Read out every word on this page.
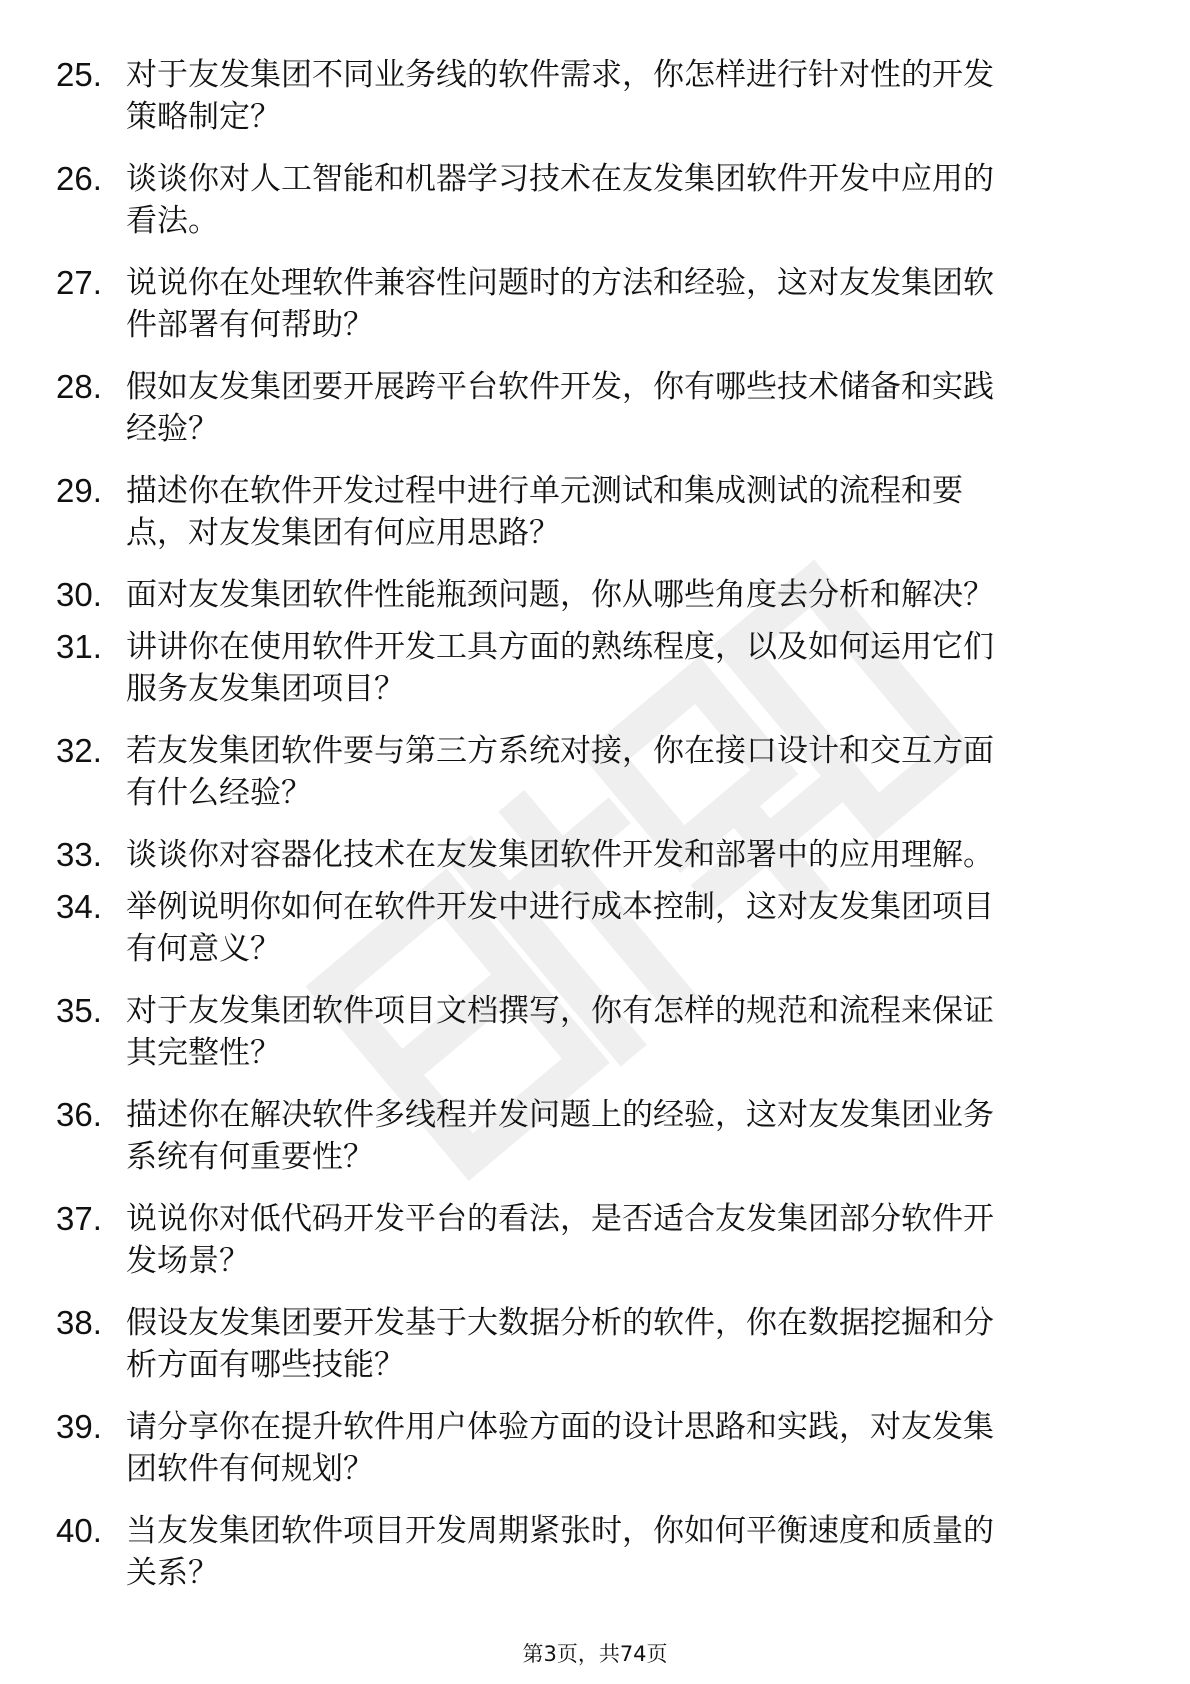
25. 对于友发集团不同业务线的软件需求，你怎样进行针对性的开发
策略制定？
26. 谈谈你对人工智能和机器学习技术在友发集团软件开发中应用的
看法。
27. 说说你在处理软件兼容性问题时的方法和经验，这对友发集团软
件部署有何帮助？
28. 假如友发集团要开展跨平台软件开发，你有哪些技术储备和实践
经验？
29. 描述你在软件开发过程中进行单元测试和集成测试的流程和要
点，对友发集团有何应用思路？
30. 面对友发集团软件性能瓶颈问题，你从哪些角度去分析和解决？
31. 讲讲你在使用软件开发工具方面的熟练程度，以及如何运用它们
服务友发集团项目？
32. 若友发集团软件要与第三方系统对接，你在接口设计和交互方面
有什么经验？
33. 谈谈你对容器化技术在友发集团软件开发和部署中的应用理解。
34. 举例说明你如何在软件开发中进行成本控制，这对友发集团项目
有何意义？
35. 对于友发集团软件项目文档撰写，你有怎样的规范和流程来保证
其完整性？
36. 描述你在解决软件多线程并发问题上的经验，这对友发集团业务
系统有何重要性？
37. 说说你对低代码开发平台的看法，是否适合友发集团部分软件开
发场景？
38. 假设友发集团要开发基于大数据分析的软件，你在数据挖掘和分
析方面有哪些技能？
39. 请分享你在提升软件用户体验方面的设计思路和实践，对友发集
团软件有何规划？
40. 当友发集团软件项目开发周期紧张时，你如何平衡速度和质量的
关系？
第3页，共74页
